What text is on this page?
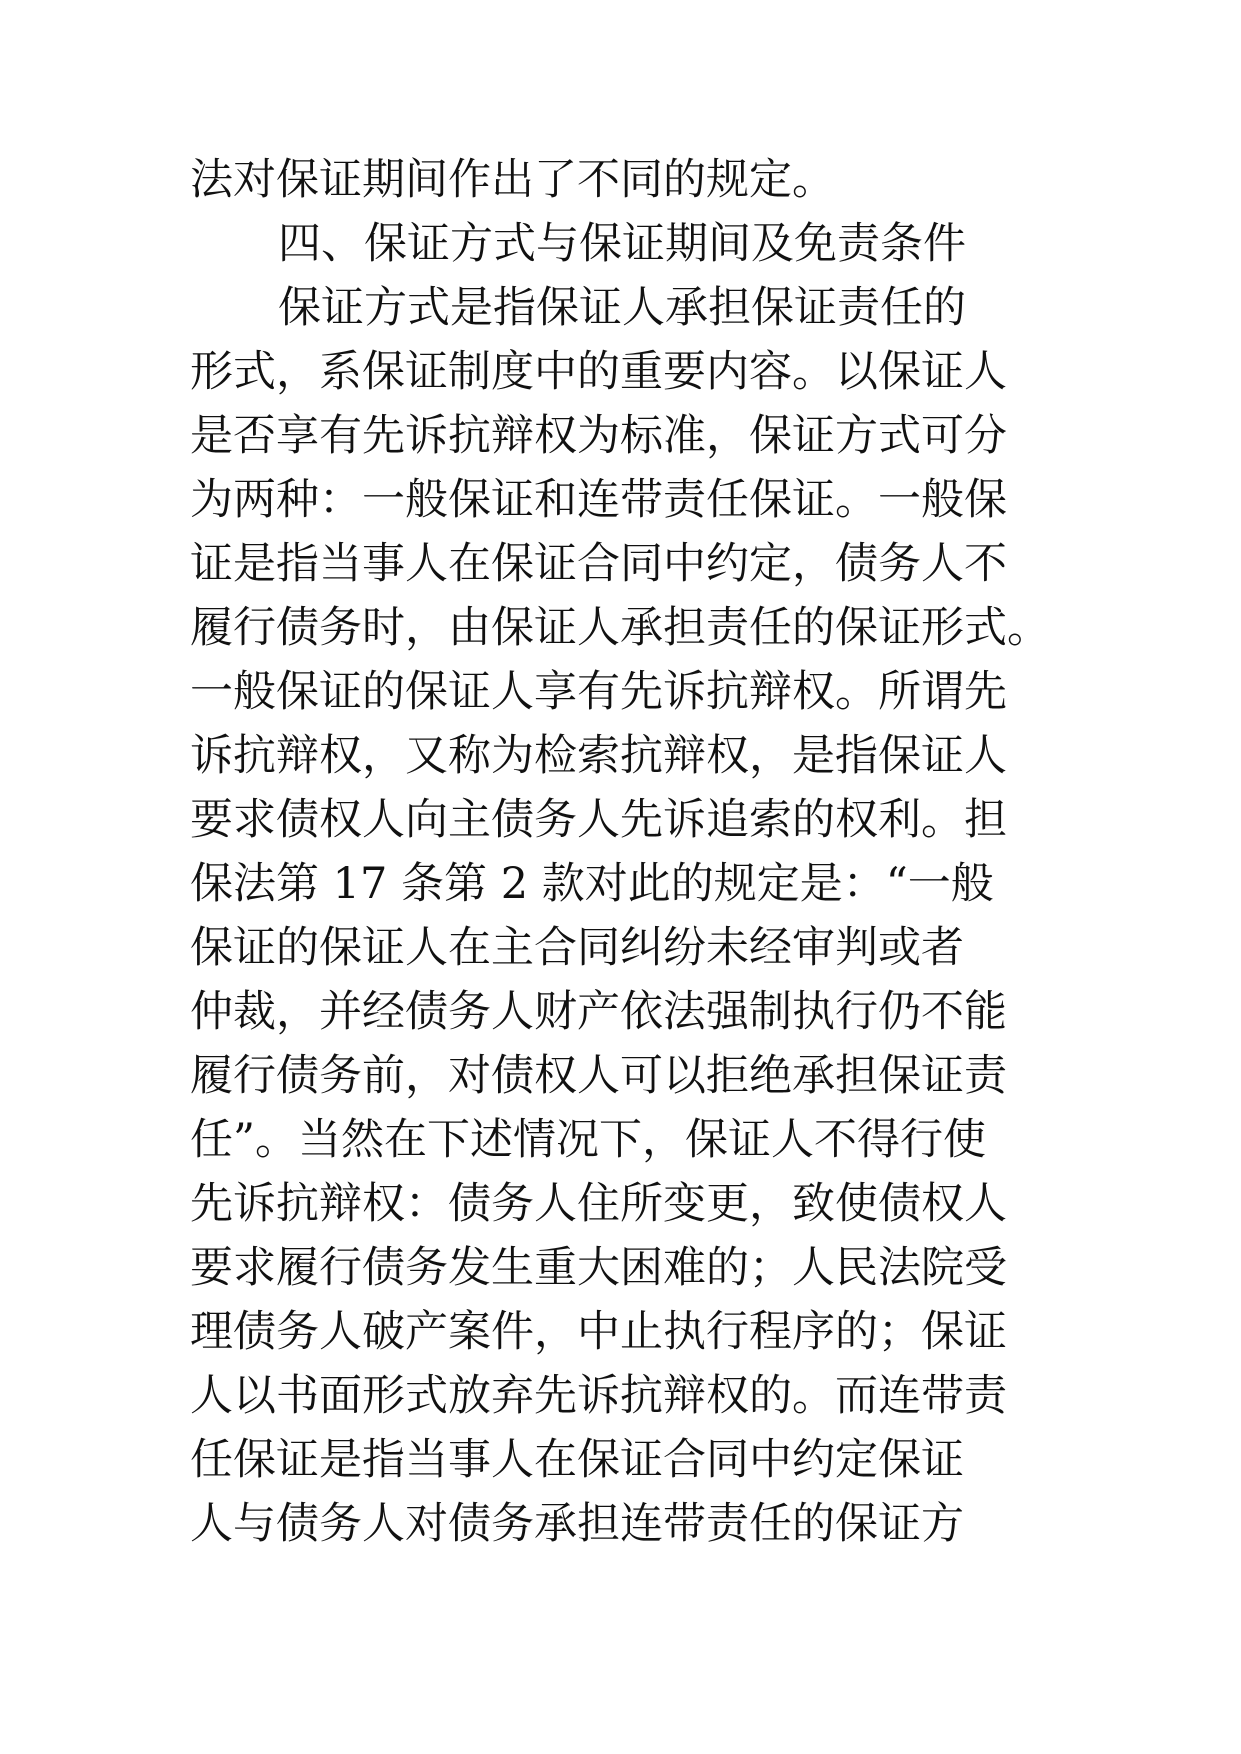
法对保证期间作出了不同的规定。
四、保证方式与保证期间及免责条件
保证方式是指保证人承担保证责任的
形式，系保证制度中的重要内容。以保证人
是否享有先诉抗辩权为标准，保证方式可分
为两种：一般保证和连带责任保证。一般保
证是指当事人在保证合同中约定，债务人不
履行债务时，由保证人承担责任的保证形式。
一般保证的保证人享有先诉抗辩权。所谓先
诉抗辩权，又称为检索抗辩权，是指保证人
要求债权人向主债务人先诉追索的权利。担
保法第 17 条第 2 款对此的规定是：“一般
保证的保证人在主合同纠纷未经审判或者
仲裁，并经债务人财产依法强制执行仍不能
履行债务前，对债权人可以拒绝承担保证责
任”。当然在下述情况下，保证人不得行使
先诉抗辩权：债务人住所变更，致使债权人
要求履行债务发生重大困难的；人民法院受
理债务人破产案件，中止执行程序的；保证
人以书面形式放弃先诉抗辩权的。而连带责
任保证是指当事人在保证合同中约定保证
人与债务人对债务承担连带责任的保证方
